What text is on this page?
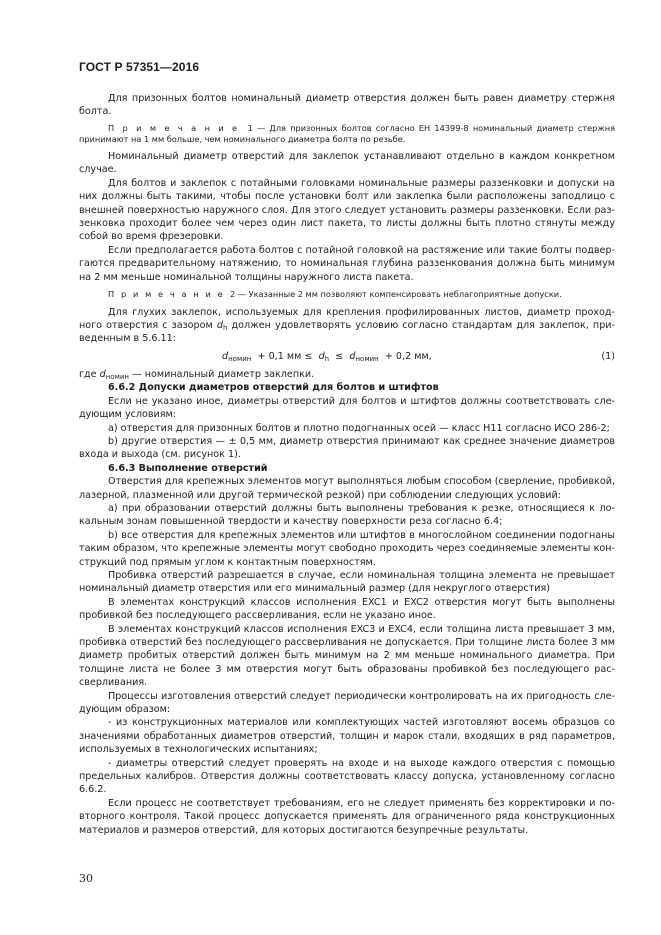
ГОСТ Р 57351—2016

Для призонных болтов номинальный диаметр отверстия должен быть равен диаметру стержня болта.

П р и м е ч а н и е 1 — Для призонных болтов согласно ЕН 14399-8 номинальный диаметр стержня принимают на 1 мм больше, чем номинального диаметра болта по резьбе.

Номинальный диаметр отверстий для заклепок устанавливают отдельно в каждом конкретном случае.

Для болтов и заклепок с потайными головками номинальные размеры раззенковки и допуски на них должны быть такими, чтобы после установки болт или заклепка были расположены заподлицо с внешней поверхностью наружного слоя. Для этого следует установить размеры раззенковки. Если раззенковка проходит более чем через один лист пакета, то листы должны быть плотно стянуты между собой во время фрезеровки.

Если предполагается работа болтов с потайной головкой на растяжение или такие болты подвергаются предварительному натяжению, то номинальная глубина раззенкования должна быть минимум на 2 мм меньше номинальной толщины наружного листа пакета.

П р и м е ч а н и е 2 — Указанные 2 мм позволяют компенсировать неблагоприятные допуски.

Для глухих заклепок, используемых для крепления профилированных листов, диаметр проходного отверстия c зазором $d_h$ должен удовлетворять условию согласно стандартам для заклепок, приведенным в 5.6.11:

$d_{номин} + 0,1$ мм ≤ $d_h \le d_{номин} + 0,2$ мм,	(1)

где $d_{номин}$ — номинальный диаметр заклепки.

6.6.2 Допуски диаметров отверстий для болтов и штифтов

Если не указано иное, диаметры отверстий для болтов и штифтов должны соответствовать следующим условиям:

a) отверстия для призонных болтов и плотно подогнанных осей — класс H11 согласно ИСО 286-2;

b) другие отверстия — ± 0,5 мм, диаметр отверстия принимают как среднее значение диаметров входа и выхода (см. рисунок 1).

6.6.3 Выполнение отверстий

Отверстия для крепежных элементов могут выполняться любым способом (сверление, пробивкой, лазерной, плазменной или другой термической резкой) при соблюдении следующих условий:

a) при образовании отверстий должны быть выполнены требования к резке, относящиеся к локальным зонам повышенной твердости и качеству поверхности реза согласно 6.4;

b) все отверстия для крепежных элементов или штифтов в многослойном соединении подогнаны таким образом, что крепежные элементы могут свободно проходить через соединяемые элементы конструкций под прямым углом к контактным поверхностям.

Пробивка отверстий разрешается в случае, если номинальная толщина элемента не превышает номинальный диаметр отверстия или его минимальный размер (для некруглого отверстия)

В элементах конструкций классов исполнения EXC1 и EXC2 отверстия могут быть выполнены пробивкой без последующего рассверливания, если не указано иное.

В элементах конструкций классов исполнения EXC3 и EXC4, если толщина листа превышает 3 мм, пробивка отверстий без последующего рассверливания не допускается. При толщине листа более 3 мм диаметр пробитых отверстий должен быть минимум на 2 мм меньше номинального диаметра. При толщине листа не более 3 мм отверстия могут быть образованы пробивкой без последующего рассверливания.

Процессы изготовления отверстий следует периодически контролировать на их пригодность следующим образом:

- из конструкционных материалов или комплектующих частей изготовляют восемь образцов со значениями обработанных диаметров отверстий, толщин и марок стали, входящих в ряд параметров, используемых в технологических испытаниях;

- диаметры отверстий следует проверять на входе и на выходе каждого отверстия с помощью предельных калибров. Отверстия должны соответствовать классу допуска, установленному согласно 6.6.2.

Если процесс не соответствует требованиям, его не следует применять без корректировки и повторного контроля. Такой процесс допускается применять для ограниченного ряда конструкционных материалов и размеров отверстий, для которых достигаются безупречные результаты.

30
